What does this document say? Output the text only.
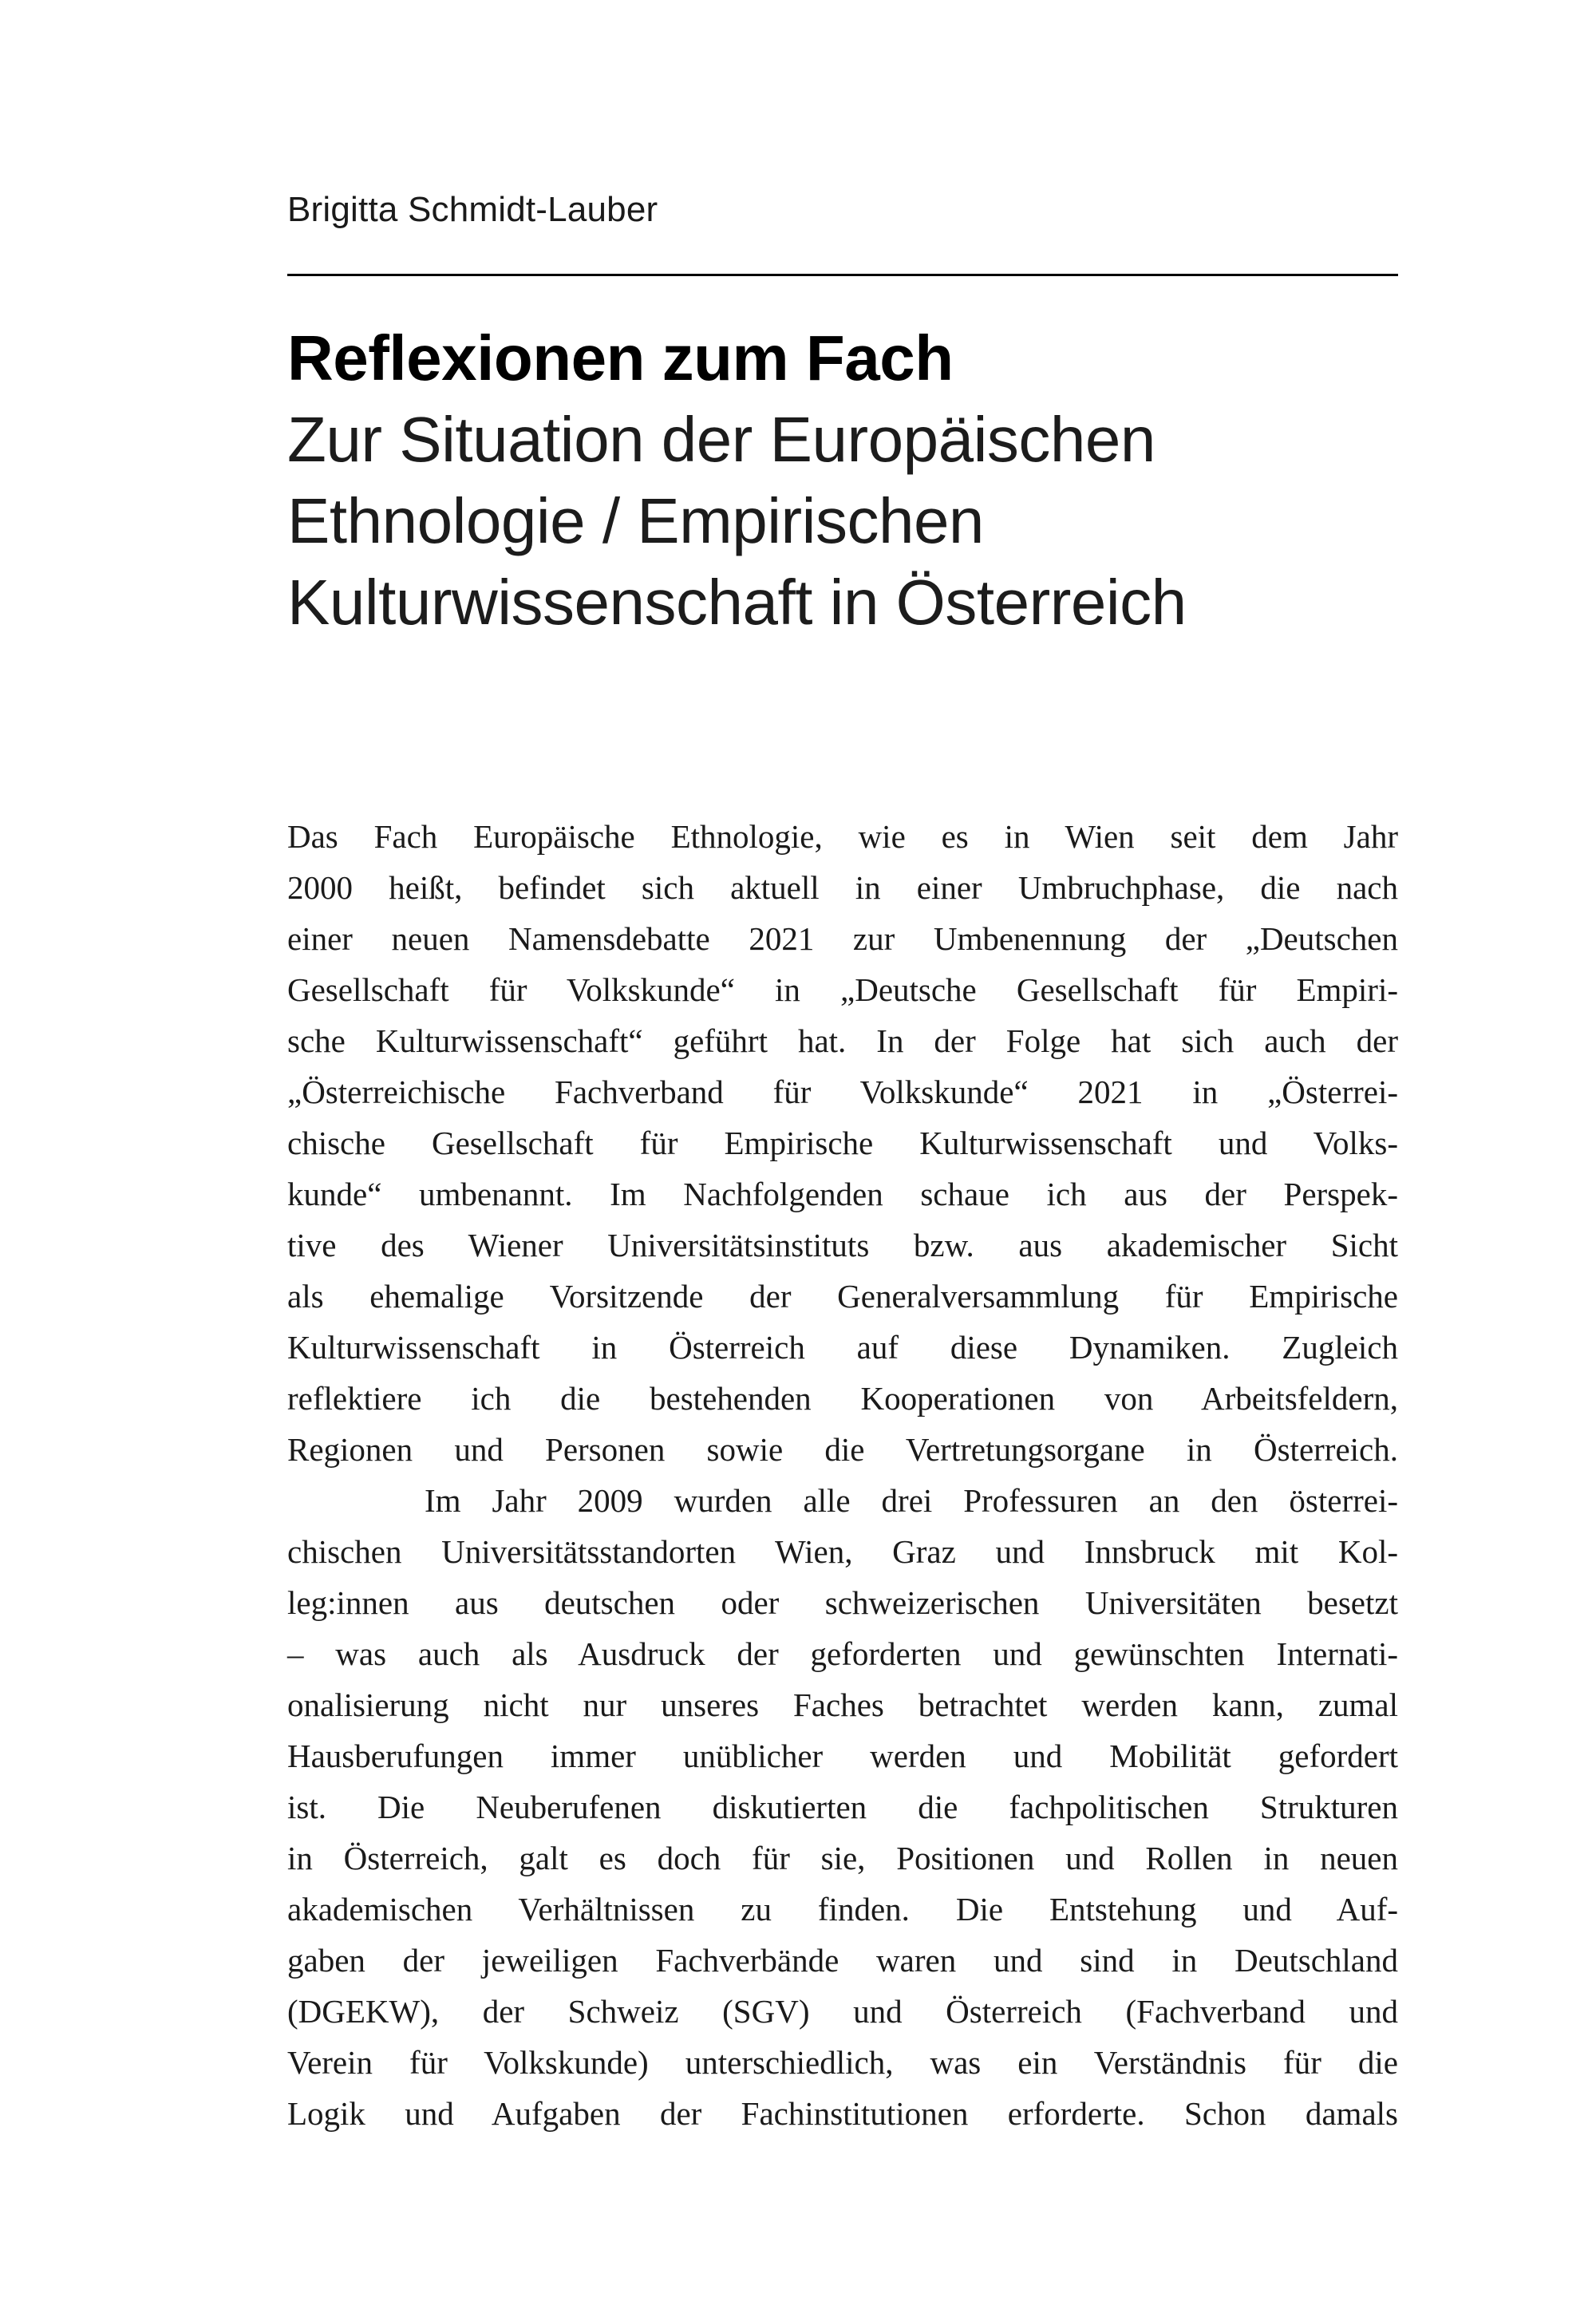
Brigitta Schmidt-Lauber
Reflexionen zum Fach
Zur Situation der Europäischen
Ethnologie / Empirischen
Kulturwissenschaft in Österreich
Das Fach Europäische Ethnologie, wie es in Wien seit dem Jahr
2000 heißt, befindet sich aktuell in einer Umbruchphase, die nach
einer neuen Namensdebatte 2021 zur Umbenennung der „Deutschen
Gesellschaft für Volkskunde“ in „Deutsche Gesellschaft für Empiri-
sche Kulturwissenschaft“ geführt hat. In der Folge hat sich auch der
„Österreichische Fachverband für Volkskunde“ 2021 in „Österrei-
chische Gesellschaft für Empirische Kulturwissenschaft und Volks-
kunde“ umbenannt. Im Nachfolgenden schaue ich aus der Perspek-
tive des Wiener Universitätsinstituts bzw. aus akademischer Sicht
als ehemalige Vorsitzende der Generalversammlung für Empirische
Kulturwissenschaft in Österreich auf diese Dynamiken. Zugleich
reflektiere ich die bestehenden Kooperationen von Arbeitsfeldern,
Regionen und Personen sowie die Vertretungsorgane in Österreich.
Im Jahr 2009 wurden alle drei Professuren an den österrei-
chischen Universitätsstandorten Wien, Graz und Innsbruck mit Kol-
leg:innen aus deutschen oder schweizerischen Universitäten besetzt
– was auch als Ausdruck der geforderten und gewünschten Internati-
onalisierung nicht nur unseres Faches betrachtet werden kann, zumal
Hausberufungen immer unüblicher werden und Mobilität gefordert
ist. Die Neuberufenen diskutierten die fachpolitischen Strukturen
in Österreich, galt es doch für sie, Positionen und Rollen in neuen
akademischen Verhältnissen zu finden. Die Entstehung und Auf-
gaben der jeweiligen Fachverbände waren und sind in Deutschland
(DGEKW), der Schweiz (SGV) und Österreich (Fachverband und
Verein für Volkskunde) unterschiedlich, was ein Verständnis für die
Logik und Aufgaben der Fachinstitutionen erforderte. Schon damals
